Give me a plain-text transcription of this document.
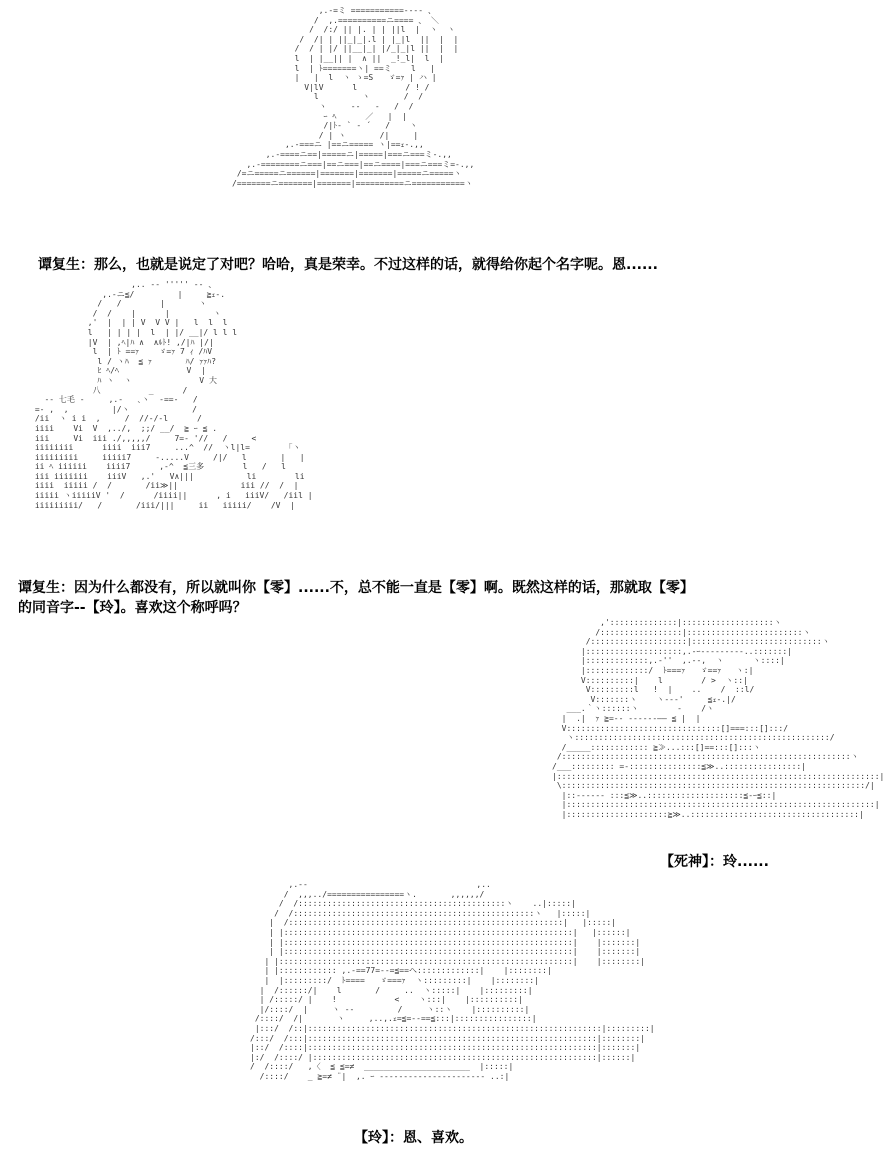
,.-=ミ ===========---- 、
/  ,.==========ニ==== 、 ＼
/  /:/ || |. | | ||l  |  ヽ  ヽ
/  /| | ||_|_|.l | |_|l  ||  |  |
/  / | |/ ||__|_| |/_|_|l ||  |  |
l  | |__|| |  ∧ ||  _!_l|  l  |
l  | ﾄ=======ヽ| ==ミ    l   |
|   |  l  ヽ ゝ=S   ゞ=ｧ | ハ |
V|lV      l          / ! /
l         ヽ       /  /
ヽ     --   -   /  /
ｰ ﾍ      ／   |  |
/|ﾄ- ` ‐ ´   /    ヽ
/ | ヽ       /|     |
,.-===ニ |==ニ===== ヽ|==ｪ-.,,
,.-====ニ==|=====ニ|=====|===ニ===ミ-.,,
,.-========ニ===|==ニ===|==ニ====|===ニ===ミ=-.,,
/=ニ=====ニ======|=======|=======|=====ニ=====ヽ
/=======ニ=======|=======|==========ニ===========ヽ

谭复生：那么，也就是说定了对吧？哈哈，真是荣幸。不过这样的话，就得给你起个名字呢。恩......

,.. -‐ ''''' -- 、
,.-ニ≦/         |     ≧ｪ-.
/   /        |       ヽ
/  /    |      |         ヽ
,'  |  | | V  V V |   l  l  l
l   | | | |  l  | |/ __|/ l l l
|V  | ,ﾍ|ﾊ ∧  ∧ﾙﾄ! ,/|ﾊ |/|
l  | ﾄ ==ｧ    ゞ=ｧ 7 ｨ /ﾊV
l / ヽﾊ  ≦ ｧ       ﾊ/ ｧｧﾊ?
ﾋ ﾍ/ﾍ              V  |
ﾊ ヽ  ヽ              V 大
八          _      /
-- 七毛 -     ,.-   ､ヽ  -==-   /
=- ,  ,         |/ヽ             /
/ii  ヽ i i  ,     /  //-/-l      /
iiii    Vi  V  ,../,  ;;/ __/  ≧ ｰ ≦ .
iii     Vi  iii ./,,,,,/     7=‐ '//   /     <
iiiiiiii      iiii  iii7     ...^  //  ヽl|l=        ｢ヽ
iiiiiiiii     iiiii7     ‐.....V     /|/   l       |   |
ii ﾍ iiiiii    iiii7      ,-^  ≦三多        l   /   l
iii iiiiiii    iiiV   ,.'   V∧|||           li        li
iiii  iiiii /  /       /ii≫||             iii //  /  |
iiiii ヽiiiiiV '  /      /iiii||      , i   iiiV/   /iil |
iiiiiiiii/   /       /iii/|||     ii   iiiii/    /V  |

谭复生：因为什么都没有，所以就叫你【零】......不，总不能一直是【零】啊。既然这样的话，那就取【零】

的同音字--【玲】。喜欢这个称呼吗？

,'::::::::::::::|:::::::::::::::::::ヽ
/:::::::::::::::::|::::::::::::::::::::::::ヽ
/::::::::::::::::::::|:::::::::::::::::::::::::::ヽ
|::::::::::::::::::::,.-ｰ----‐‐‐‐-..:::::::|
|:::::::::::::,.-''  ,.--,  ヽ      ヽ::::|
|:::::::::::::/  ﾄ===ｧ   ゞ==ｧ   ヽ:|
V::::::::::|    l        / >  ヽ::|
V:::::::::l   !  |    ..    /  ::l/
V:::::::ヽ    ヽ--‐'     ≦ｪ-.|/
___.｀ヽ::::::ヽ        -    /ヽ
|  .|  ｧ ≧=-‐ ----‐‐―― ≦ |  |
V::::::::::::::::::::::::::::::::[]===:::[]:::/
ヽ:::::::::::::::::::::::::::::::::::::::::::::::::::::/
/_____:::::::::::: ≧≫...:::[]==:::[]:::ヽ
/::::::::::::::::::::::::::::::::::::::::::::::::::::::::::::ヽ
/___::::::::: =-:::::::::::::::≦≫..::::::::::::::::|
|:::::::::::::::::::::::::::::::::::::::::::::::::::::::::::::::::::|
\:::::::::::::::::::::::::::::::::::::::::::::::::::::::::::::::/|
|::------ :::≦≫..::::::::::::::::::::≦-ｰ≦::|
|::::::::::::::::::::::::::::::::::::::::::::::::::::::::::::::::|
|:::::::::::::::::::::≧≫..:::::::::::::::::::::::::::::::::::|

【死神】：玲......

,.-‐                                   ,..
/  ,,,../================ヽ.       ,,,,,,/
/  /:::::::::::::::::::::::::::::::::::::::::::ヽ    ..|:::::|
/  /::::::::::::::::::::::::::::::::::::::::::::::::::ヽ   |:::::|
|  /:::::::::::::::::::::::::::::::::::::::::::::::::::::::::|   |:::::|
| |::::::::::::::::::::::::::::::::::::::::::::::::::::::::::::|   |::::::|
| |::::::::::::::::::::::::::::::::::::::::::::::::::::::::::::|    |:::::::|
| |::::::::::::::::::::::::::::::::::::::::::::::::::::::::::::|    |:::::::|
| |:::::::::::::::::::::::::::::::::::::::::::::::::::::::::::::|    |::::::::|
| |:::::::::::: ,.-==77=--=≦==ヘ:::::::::::::|    |::::::::|
|  |:::::::::/  ﾄ====   ゞ===ｧ  ヽ:::::::::|    |::::::::|
|  /::::::/|    l       /     ..  ヽ:::::|    |:::::::::|
| /:::::/ |    !            <    ヽ:::|    |::::::::::|
|/::::/  |     ヽ --         /     ヽ::ヽ    |::::::::::|
/::::/  /|       ヽ     ,..,.ｪ=≦=-‐==≦:::|::::::::::::::::|
|:::/  /::|:::::::::::::::::::::::::::::::::::::::::::::::::::::::::::::|:::::::::|
/:::/  /:::|::::::::::::::::::::::::::::::::::::::::::::::::::::::::::::|::::::::|
|::/  /::::|::::::::::::::::::::::::::::::::::::::::::::::::::::::::::::|:::::::|
|:/  /::::/ |:::::::::::::::::::::::::::::::::::::::::::::::::::::::::::|::::::|
/  /::::/   ,〈  ≦ ≦=≠  ______________________  |:::::|
/::::/    _ ≧=≠ ¨|  ,. ｰ ---------------------- ..:|

【玲】：恩、喜欢。
